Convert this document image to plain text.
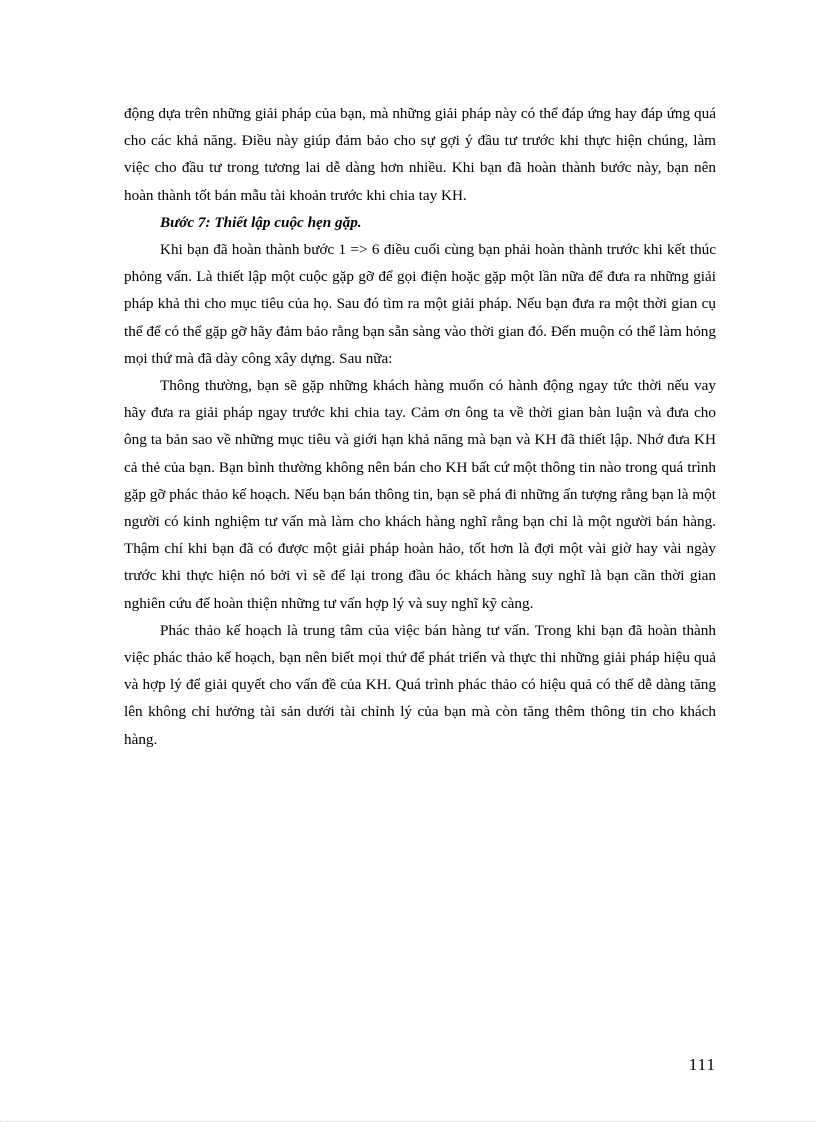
động dựa trên những giải pháp của bạn, mà những giải pháp này có thể đáp ứng hay đáp ứng quá cho các khả năng. Điều này giúp đảm bảo cho sự gợi ý đầu tư trước khi thực hiện chúng, làm việc cho đầu tư trong tương lai dễ dàng hơn nhiều. Khi bạn đã hoàn thành bước này, bạn nên hoàn thành tốt bán mẫu tài khoản trước khi chia tay KH.

Bước 7: Thiết lập cuộc hẹn gặp.

Khi bạn đã hoàn thành bước 1 => 6 điều cuối cùng bạn phải hoàn thành trước khi kết thúc phỏng vấn. Là thiết lập một cuộc gặp gỡ để gọi điện hoặc gặp một lần nữa để đưa ra những giải pháp khả thi cho mục tiêu của họ. Sau đó tìm ra một giải pháp. Nếu bạn đưa ra một thời gian cụ thể để có thể gặp gỡ hãy đảm bảo rằng bạn sẵn sàng vào thời gian đó. Đến muộn có thể làm hỏng mọi thứ mà đã dày công xây dựng. Sau nữa:

Thông thường, bạn sẽ gặp những khách hàng muốn có hành động ngay tức thời nếu vay hãy đưa ra giải pháp ngay trước khi chia tay. Cảm ơn ông ta về thời gian bàn luận và đưa cho ông ta bản sao về những mục tiêu và giới hạn khả năng mà bạn và KH đã thiết lập. Nhớ đưa KH cả thẻ của bạn. Bạn bình thường không nên bán cho KH bất cứ một thông tin nào trong quá trình gặp gỡ phác thảo kế hoạch. Nếu bạn bán thông tin, bạn sẽ phá đi những ấn tượng rằng bạn là một người có kinh nghiệm tư vấn mà làm cho khách hàng nghĩ rằng bạn chỉ là một người bán hàng. Thậm chí khi bạn đã có được một giải pháp hoàn hảo, tốt hơn là đợi một vài giờ hay vài ngày trước khi thực hiện nó bởi vì sẽ để lại trong đầu óc khách hàng suy nghĩ là bạn cần thời gian nghiên cứu để hoàn thiện những tư vấn hợp lý và suy nghĩ kỹ càng.

Phác thảo kế hoạch là trung tâm của việc bán hàng tư vấn. Trong khi bạn đã hoàn thành việc phác thảo kế hoạch, bạn nên biết mọi thứ để phát triển và thực thi những giải pháp hiệu quả và hợp lý để giải quyết cho vấn đề của KH. Quá trình phác thảo có hiệu quả có thể dễ dàng tăng lên không chỉ hưởng tài sản dưới tài chỉnh lý của bạn mà còn tăng thêm thông tin cho khách hàng.

111
